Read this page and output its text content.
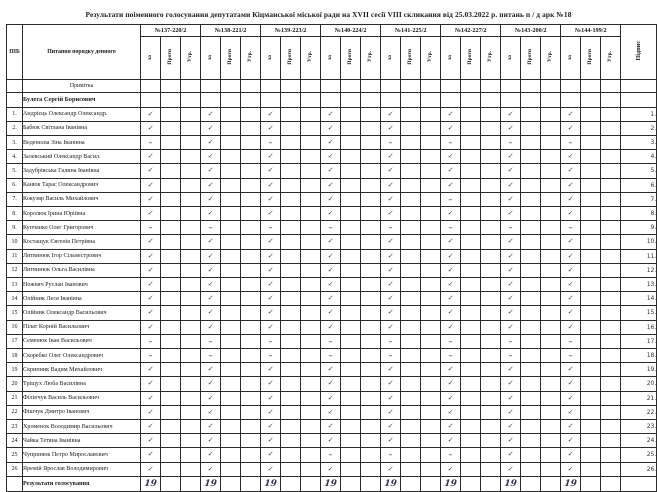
Результати поіменного голосування депутатами Кіцманської міської ради на XVII сесії VIII скликання від 25.03.2022 р. питань п / д арк №18
ПІБ	Питання порядку денного	№137-220/2			№138-221/2			№139-223/2			№140-224/2			№141-225/2			№142-227/2			№143-200/2			№144-199/2			Підпис
		за	Проти	Утр.	за	Проти	Утр.	за	Проти	Утр.	за	Проти	Утр.	за	Проти	Утр.	за	Проти	Утр.	за	Проти	Утр.	за	Проти	Утр.	
	Примітка																									
	Булега Сергій Борисович																									
1.	Андрієць Олександр Олександр.	✓			✓			✓			✓			✓			✓			✓			✓			1.
2.	Бабюк Світлана Іванівна	✓			✓			✓			✓			✓			✓			✓			✓			2.
3.	Веденєєва Зіна Іванівна	–			✓			–			✓			–			–			–			–			3.
4.	Залевський Олександр Васил.	✓			✓			✓			✓			✓			✓			✓			✓			4.
5.	Задубрівська Галина Іванівна	✓			✓			✓			✓			✓			✓			✓			✓			5.
6.	Канюк Тарас Олександрович	✓			✓			✓			✓			✓			✓			✓			✓			6.
7.	Кокузяр Василь Михайлович	✓			✓			✓			✓			✓			–			✓			✓			7.
8.	Королюк Ірина Юріївна	✓			✓			✓			✓			✓			✓			✓			✓			8.
9.	Купчанко Олег Григорович	–			–			–			–			–			–			–			–			9.
10	Костащук Євгенія Петрівна	✓			✓			✓			✓			✓			✓			✓			✓			10.
11	Литвинюк Ігор Сільвестрович	✓			✓			✓			✓			✓			✓			✓			✓			11.
12	Литвинюк Ольга Василівна	✓			✓			✓			✓			✓			✓			✓			✓			12.
13	Ножняч Руслан Іванович	✓			✓			✓			✓			✓			✓			✓			✓			13.
14	Олійник Леся Іванівна	✓			✓			✓			✓			✓			✓			✓			✓			14.
15	Олійник Олександр Васильович	✓			✓			✓			✓			✓			✓			✓			✓			15.
16	Пілат Корній Васильович	✓			✓			✓			✓			✓			✓			✓			✓			16.
17	Семенюк Іван Васильович	–			–			–			–			–			–			–			–			17.
18	Скоребко Олег Олександрович	–			–			–			–			–			–			–			–			18.
19	Скрипник Вадим Михайлович	✓			✓			✓			✓			✓			✓			✓			✓			19.
20	Тріщух Люба Василівна	✓			✓			✓			✓			✓			✓			✓			✓			20.
21	Філіпчук Василь Васильович	✓			✓			✓			✓			✓			✓			✓			✓			21.
22	Фішчук Дмитро Іванович	✓			✓			✓			✓			✓			✓			✓			✓			22.
23	Хроменок Володимир Васильович	✓			✓			✓			✓			✓			✓			✓			✓			23.
24	Чайка Тетяна Іванівна	✓			✓			✓			✓			✓			✓			✓			✓			24.
25	Чупринюк Петро Мирославович	✓			✓			✓			–			–			–			✓			✓			25.
26	Яремій Ярослав Володимирович	✓			✓			✓			✓			✓			✓			✓			✓			26.
	Результати голосування	19			19			19			19			19			19			19			19			
